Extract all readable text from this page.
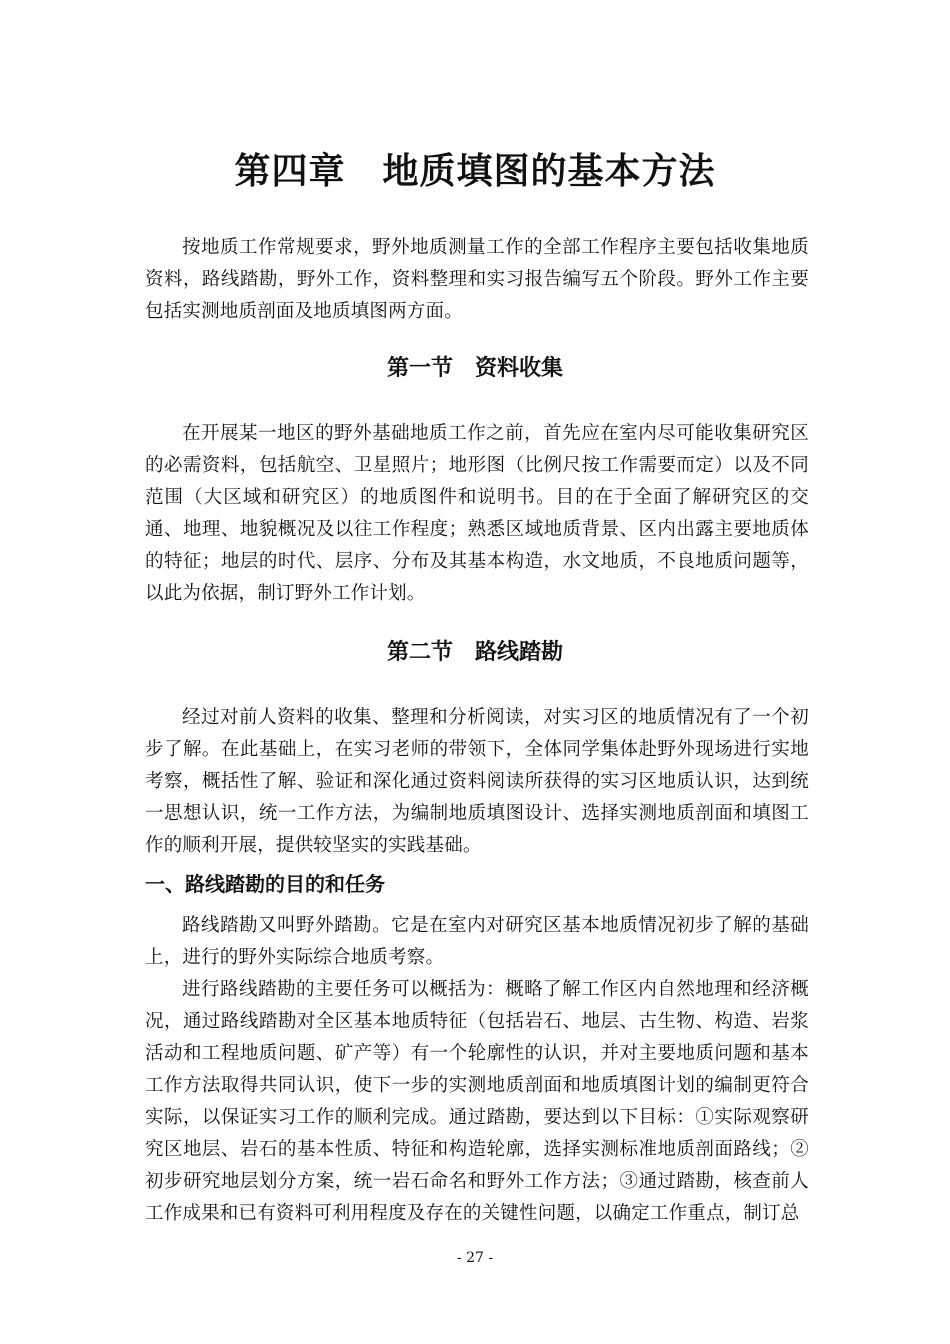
第四章　地质填图的基本方法

按地质工作常规要求，野外地质测量工作的全部工作程序主要包括收集地质资料，路线踏勘，野外工作，资料整理和实习报告编写五个阶段。野外工作主要包括实测地质剖面及地质填图两方面。

第一节　资料收集

在开展某一地区的野外基础地质工作之前，首先应在室内尽可能收集研究区的必需资料，包括航空、卫星照片；地形图（比例尺按工作需要而定）以及不同范围（大区域和研究区）的地质图件和说明书。目的在于全面了解研究区的交通、地理、地貌概况及以往工作程度；熟悉区域地质背景、区内出露主要地质体的特征；地层的时代、层序、分布及其基本构造，水文地质，不良地质问题等，以此为依据，制订野外工作计划。

第二节　路线踏勘

经过对前人资料的收集、整理和分析阅读，对实习区的地质情况有了一个初步了解。在此基础上，在实习老师的带领下，全体同学集体赴野外现场进行实地考察，概括性了解、验证和深化通过资料阅读所获得的实习区地质认识，达到统一思想认识，统一工作方法，为编制地质填图设计、选择实测地质剖面和填图工作的顺利开展，提供较坚实的实践基础。

一、路线踏勘的目的和任务

路线踏勘又叫野外踏勘。它是在室内对研究区基本地质情况初步了解的基础上，进行的野外实际综合地质考察。

进行路线踏勘的主要任务可以概括为：概略了解工作区内自然地理和经济概况，通过路线踏勘对全区基本地质特征（包括岩石、地层、古生物、构造、岩浆活动和工程地质问题、矿产等）有一个轮廓性的认识，并对主要地质问题和基本工作方法取得共同认识，使下一步的实测地质剖面和地质填图计划的编制更符合实际，以保证实习工作的顺利完成。通过踏勘，要达到以下目标：①实际观察研究区地层、岩石的基本性质、特征和构造轮廓，选择实测标准地质剖面路线；②初步研究地层划分方案，统一岩石命名和野外工作方法；③通过踏勘，核查前人工作成果和已有资料可利用程度及存在的关键性问题，以确定工作重点，制订总

- 27 -
